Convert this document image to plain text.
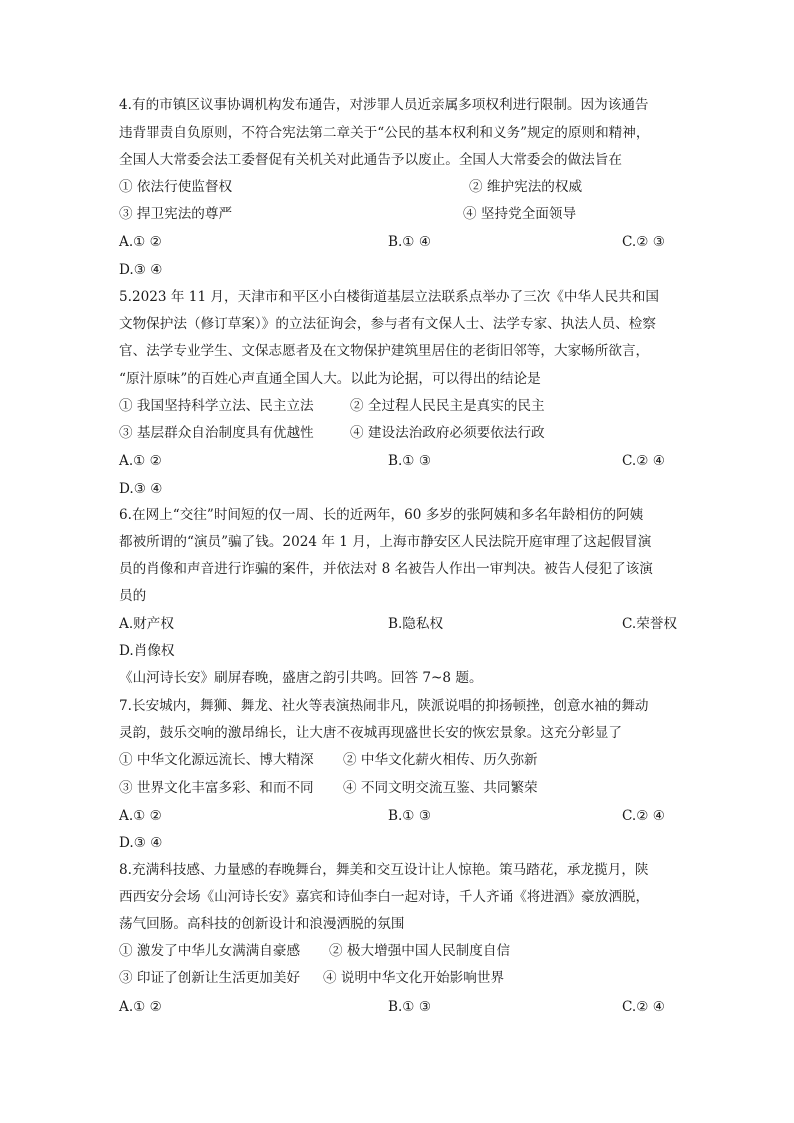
4.有的市镇区议事协调机构发布通告，对涉罪人员近亲属多项权利进行限制。因为该通告
违背罪责自负原则，不符合宪法第二章关于“公民的基本权利和义务”规定的原则和精神，
全国人大常委会法工委督促有关机关对此通告予以废止。全国人大常委会的做法旨在
① 依法行使监督权	② 维护宪法的权威
③ 捍卫宪法的尊严	④ 坚持党全面领导
A.① ②	B.① ④	C.② ③
D.③ ④
5.2023 年 11 月，天津市和平区小白楼街道基层立法联系点举办了三次《中华人民共和国
文物保护法（修订草案）》的立法征询会，参与者有文保人士、法学专家、执法人员、检察
官、法学专业学生、文保志愿者及在文物保护建筑里居住的老街旧邻等，大家畅所欲言，
“原汁原味”的百姓心声直通全国人大。以此为论据，可以得出的结论是
① 我国坚持科学立法、民主立法	② 全过程人民民主是真实的民主
③ 基层群众自治制度具有优越性	④ 建设法治政府必须要依法行政
A.① ②	B.① ③	C.② ④
D.③ ④
6.在网上“交往”时间短的仅一周、长的近两年，60 多岁的张阿姨和多名年龄相仿的阿姨
都被所谓的“演员”骗了钱。2024 年 1 月，上海市静安区人民法院开庭审理了这起假冒演
员的肖像和声音进行诈骗的案件，并依法对 8 名被告人作出一审判决。被告人侵犯了该演
员的
A.财产权	B.隐私权	C.荣誉权
D.肖像权
《山河诗长安》刷屏春晚，盛唐之韵引共鸣。回答 7~8 题。
7.长安城内，舞狮、舞龙、社火等表演热闹非凡，陕派说唱的抑扬顿挫，创意水袖的舞动
灵韵，鼓乐交响的激昂绵长，让大唐不夜城再现盛世长安的恢宏景象。这充分彰显了
① 中华文化源远流长、博大精深 ② 中华文化薪火相传、历久弥新
③ 世界文化丰富多彩、和而不同 ④ 不同文明交流互鉴、共同繁荣
A.① ②	B.① ③	C.② ④
D.③ ④
8.充满科技感、力量感的春晚舞台，舞美和交互设计让人惊艳。策马踏花，承龙揽月，陕
西西安分会场《山河诗长安》嘉宾和诗仙李白一起对诗，千人齐诵《将进酒》豪放洒脱，
荡气回肠。高科技的创新设计和浪漫洒脱的氛围
① 激发了中华儿女满满自豪感 ② 极大增强中国人民制度自信
③ 印证了创新让生活更加美好 ④ 说明中华文化开始影响世界
A.① ②	B.① ③	C.② ④
